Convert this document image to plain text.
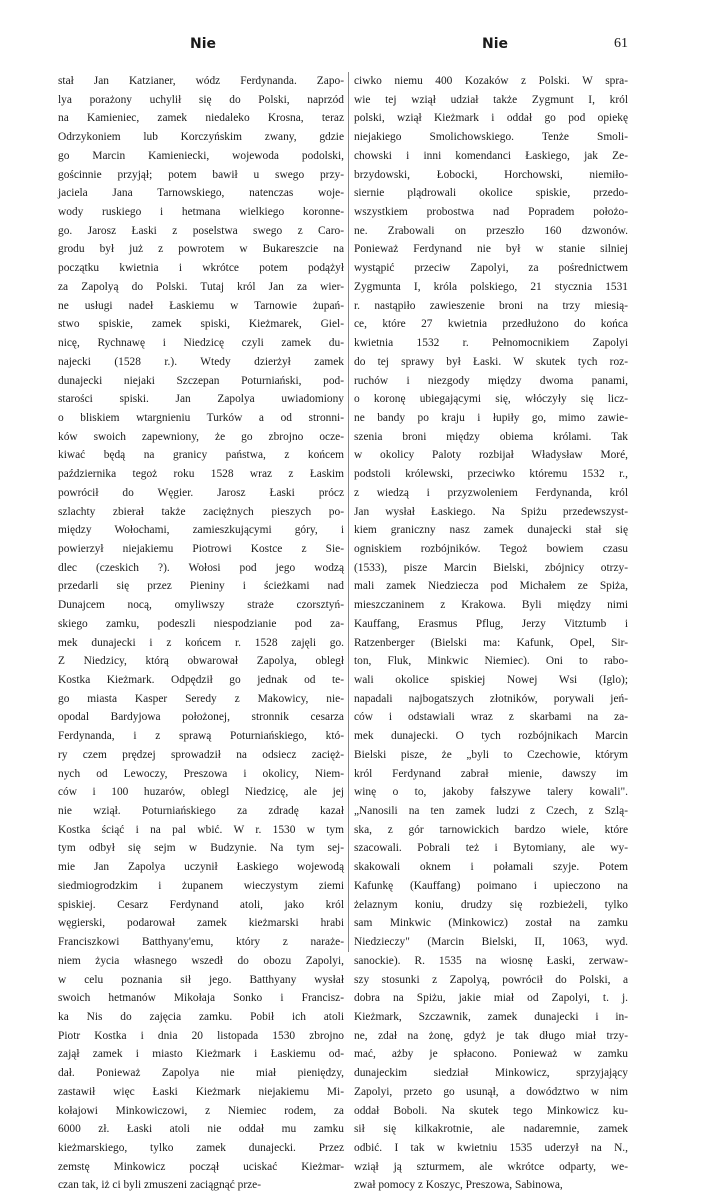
Nie	Nie	61
stał Jan Katzianer, wódz Ferdynanda. Zapo-
lya porażony uchylił się do Polski, naprzód
na Kamieniec, zamek niedaleko Krosna, teraz
Odrzykoniem lub Korczyńskim zwany, gdzie
go Marcin Kamieniecki, wojewoda podolski,
gościnnie przyjął; potem bawił u swego przy-
jaciela Jana Tarnowskiego, natenczas woje-
wody ruskiego i hetmana wielkiego koronne-
go. Jarosz Łaski z poselstwa swego z Caro-
grodu był już z powrotem w Bukareszcie na
początku kwietnia i wkrótce potem podążył
za Zapolyą do Polski. Tutaj król Jan za wier-
ne usługi nadeł Łaskiemu w Tarnowie żupań-
stwo spiskie, zamek spiski, Kieżmarek, Giel-
nicę, Rychnawę i Niedzicę czyli zamek du-
najecki (1528 r.). Wtedy dzierżył zamek
dunajecki niejaki Szczepan Poturniański, pod-
starości spiski. Jan Zapolya uwiadomiony
o bliskiem wtargnieniu Turków a od stronni-
ków swoich zapewniony, że go zbrojno oczе-
kiwać będą na granicy państwa, z końcem
października tegoż roku 1528 wraz z Łaskim
powrócił do Węgier. Jarosz Łaski prócz
szlachty zbierał także zaciężnych pieszych po-
między Wołochami, zamieszkującymi góry, i
powierzył niejakiemu Piotrowi Kostce z Sie-
dlec (czeskich ?). Wołosi pod jego wodzą
przedarli się przez Pieniny i ścieżkami nad
Dunajcem nocą, omyliwszy straże czorsztyń-
skiego zamku, podeszli niespodzianie pod za-
mek dunajecki i z końcem r. 1528 zajęli go.
Z Niedzicy, którą obwarował Zapolya, obległ
Kostka Kieżmark. Odpędził go jednak od te-
go miasta Kasper Seredy z Makowicy, nie-
opodal Bardyjowa położonej, stronnik cesarza
Ferdynanda, i z sprawą Poturniańskiego, któ-
ry czem prędzej sprowadził na odsiecz zacięż-
nych od Lewoczy, Preszowa i okolicy, Niem-
ców i 100 huzarów, oblegl Niedzicę, ale jej
nie wziął. Poturniańskiego za zdradę kazał
Kostka ściąć i na pal wbić. W r. 1530 w tym
tym odbył się sejm w Budzynie. Na tym sej-
mie Jan Zapolya uczynił Łaskiego wojewodą
siedmiogrodzkim i żupanem wieczystym ziemi
spiskiej. Cesarz Ferdynand atoli, jako król
węgierski, podarował zamek kieżmarski hrabi
Franciszkowi Batthyany'emu, który z naraże-
niem życia własnego wszedł do obozu Zapolyi,
w celu poznania sił jego. Batthyany wysłał
swoich hetmanów Mikołaja Sonko i Francisz-
ka Nis do zajęcia zamku. Pobił ich atoli
Piotr Kostka i dnia 20 listopada 1530 zbrojno
zajął zamek i miasto Kieżmark i Łaskiemu od-
dał. Ponieważ Zapolya nie miał pieniędzy,
zastawił więc Łaski Kieżmark niejakiemu Mi-
kołajowi Minkowiczowi, z Niemiec rodem, za
6000 zł. Łaski atoli nie oddał mu zamku
kieżmarskiego, tylko zamek dunajecki. Przez
zemstę Minkowicz począł uciskać Kieżmar-
czan tak, iż ci byli zmuszeni zaciągnąć prze-
ciwko niemu 400 Kozaków z Polski. W spra-
wie tej wziął udział także Zygmunt I, król
polski, wziął Kieżmark i oddał go pod opiekę
niejakiego Smolichowskiego. Tenże Smoli-
chowski i inni komendanci Łaskiego, jak Ze-
brzydowski, Łobocki, Horchowski, niemiło-
siernie plądrowali okolice spiskie, przedo-
wszystkiem probostwa nad Popradem położo-
ne. Zrabowali on przeszło 160 dzwonów.
Ponieważ Ferdynand nie był w stanie silniej
wystąpić przeciw Zapolyi, za pośrednictwem
Zygmunta I, króla polskiego, 21 stycznia 1531
r. nastąpiło zawieszenie broni na trzy miesią-
ce, które 27 kwietnia przedłużono do końca
kwietnia 1532 r. Pełnomocnikiem Zapolyi
do tej sprawy był Łaski. W skutek tych roz-
ruchów i niezgody między dwoma panami,
o koronę ubiegającymi się, włóczyły się licz-
ne bandy po kraju i łupiły go, mimo zawie-
szenia broni między obiema królami. Tak
w okolicy Paloty rozbijał Władysław Moré,
podstoli królewski, przeciwko któremu 1532 r.,
z wiedzą i przyzwoleniem Ferdynanda, król
Jan wysłał Łaskiego. Na Spiżu przedewszyst-
kiem graniczny nasz zamek dunajecki stał się
ogniskiem rozbójników. Tegoż bowiem czasu
(1533), pisze Marcin Bielski, zbójnicy otrzy-
mali zamek Niedziecza pod Michałem ze Spiża,
mieszczaninem z Krakowa. Byli między nimi
Kauffang, Erasmus Pflug, Jerzy Vitztumb i
Ratzenberger (Bielski ma: Kafunk, Opel, Sir-
ton, Fluk, Minkwic Niemiec). Oni to rabo-
wali okolice spiskiej Nowej Wsi (Iglo);
napadali najbogatszych złotników, porywali jeń-
ców i odstawiali wraz z skarbami na za-
mek dunajecki. O tych rozbójnikach Marcin
Bielski pisze, że „byli to Czechowie, którym
król Ferdynand zabrał mienie, dawszy im
winę o to, jakoby fałszywe talery kowali".
„Nanosili na ten zamek ludzi z Czech, z Szlą-
ska, z gór tarnowickich bardzo wiele, które
szacowali. Pobrali też i Bytomiany, ale wy-
skakowali oknem i połamali szyje. Potem
Kafunkę (Kauffang) poimano i upieczono na
żelaznym koniu, drudzy się rozbieżeli, tylko
sam Minkwic (Minkowicz) został na zamku
Niedzieczy" (Marcin Bielski, II, 1063, wyd.
sanockie). R. 1535 na wiosnę Łaski, zerwaw-
szy stosunki z Zapolyą, powrócił do Polski, a
dobra na Spiżu, jakie miał od Zapolyi, t. j.
Kieżmark, Szczawnik, zamek dunajecki i in-
ne, zdał na żonę, gdyż je tak długo miał trzy-
mać, ażby je spłacono. Ponieważ w zamku
dunajeckim siedział Minkowicz, sprzyjający
Zapolyi, przeto go usunął, a dowództwo w nim
oddał Boboli. Na skutek tego Minkowicz ku-
sił się kilkakrotnie, ale nadaremnie, zamek
odbić. I tak w kwietniu 1535 uderzył na N.,
wziął ją szturmem, ale wkrótce odparty, we-
zwał pomocy z Koszyc, Preszowa, Sabinowa,
